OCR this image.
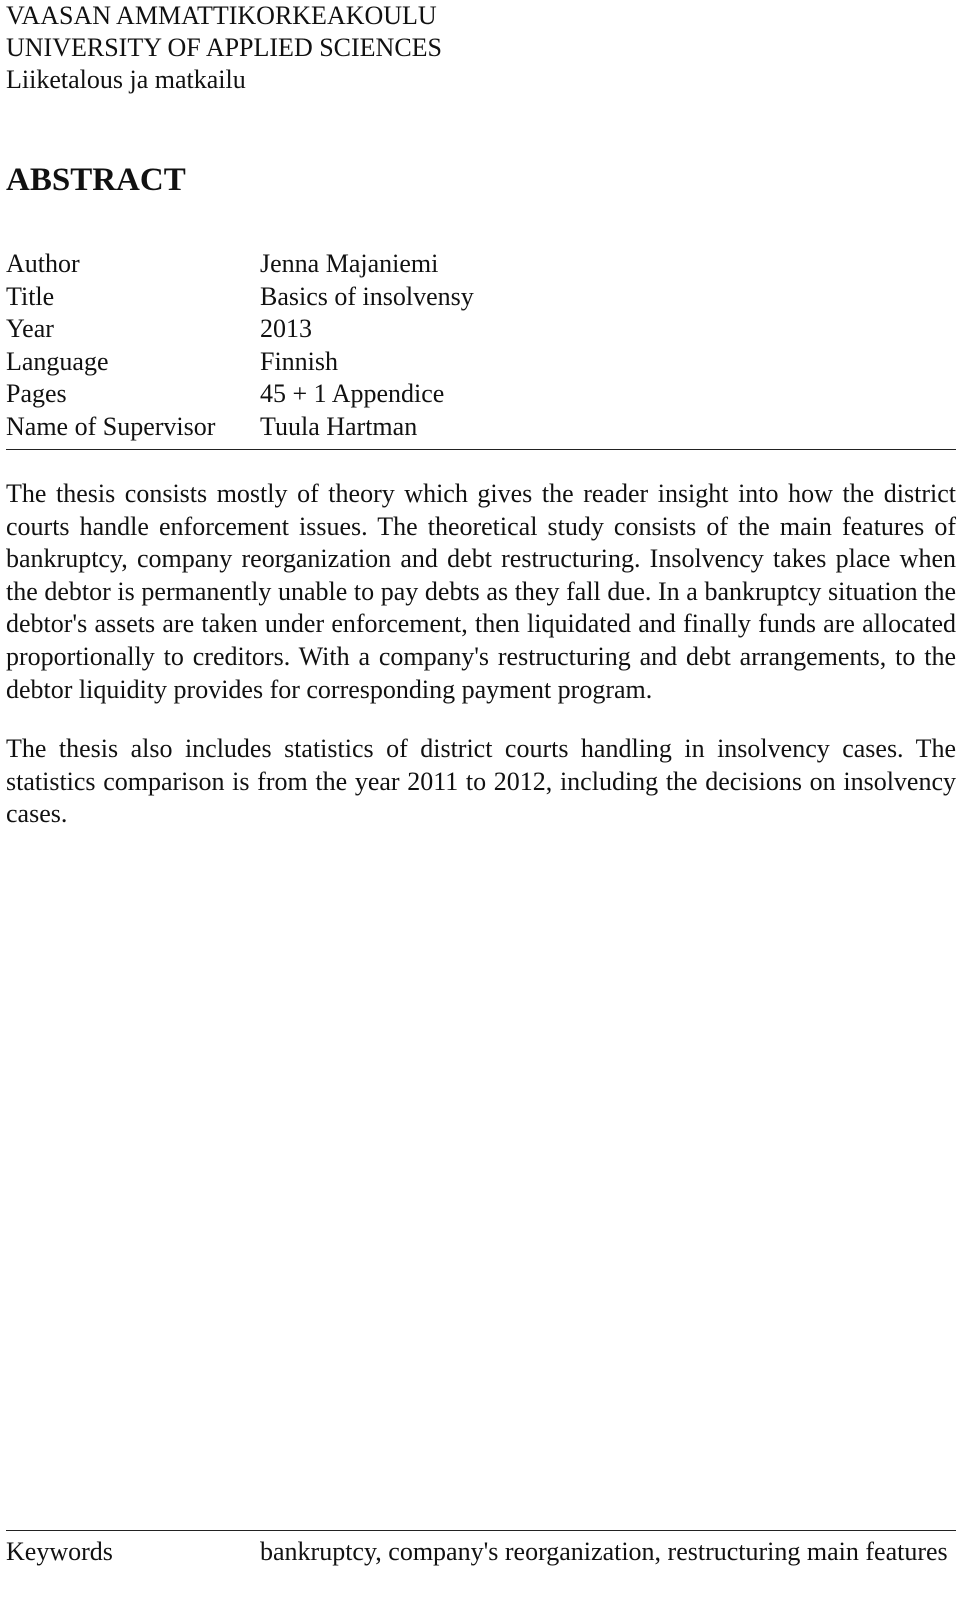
VAASAN AMMATTIKORKEAKOULU
UNIVERSITY OF APPLIED SCIENCES
Liiketalous ja matkailu
ABSTRACT
Author	Jenna Majaniemi
Title	Basics of insolvensy
Year	2013
Language	Finnish
Pages	45 + 1 Appendice
Name of Supervisor	Tuula Hartman

The thesis consists mostly of theory which gives the reader insight into how the district courts handle enforcement issues. The theoretical study consists of the main features of bankruptcy, company reorganization and debt restructuring. Insolvency takes place when the debtor is permanently unable to pay debts as they fall due. In a bankruptcy situation the debtor's assets are taken under enforcement, then liquidated and finally funds are allocated proportionally to creditors. With a company's restructuring and debt arrangements, to the debtor liquidity provides for corresponding payment program.

The thesis also includes statistics of district courts handling in insolvency cases. The statistics comparison is from the year 2011 to 2012, including the decisions on insolvency cases.

Keywords	bankruptcy, company's reorganization, restructuring main features
